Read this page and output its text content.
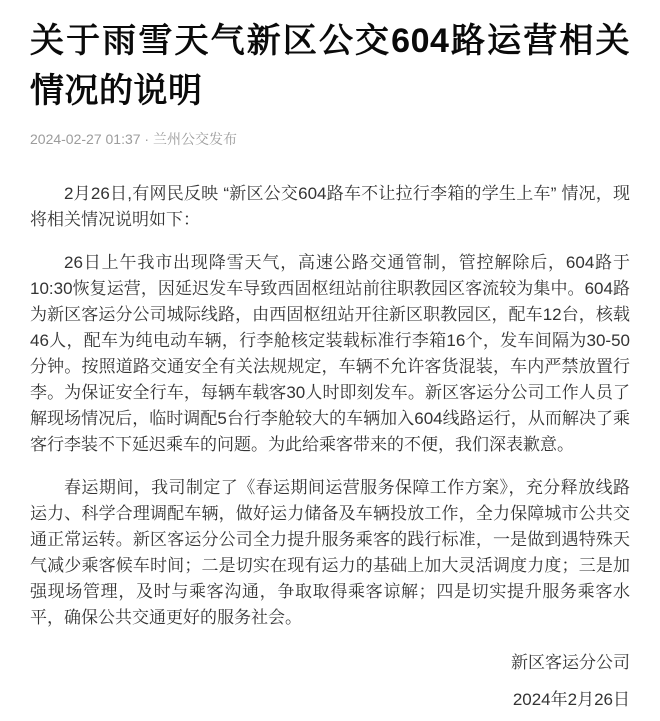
关于雨雪天气新区公交604路运营相关情况的说明
2024-02-27 01:37 · 兰州公交发布

2月26日,有网民反映 “新区公交604路车不让拉行李箱的学生上车” 情况，现将相关情况说明如下：

26日上午我市出现降雪天气，高速公路交通管制，管控解除后，604路于10:30恢复运营，因延迟发车导致西固枢纽站前往职教园区客流较为集中。604路为新区客运分公司城际线路，由西固枢纽站开往新区职教园区，配车12台，核载46人，配车为纯电动车辆，行李舱核定装载标准行李箱16个，发车间隔为30-50分钟。按照道路交通安全有关法规规定，车辆不允许客货混装，车内严禁放置行李。为保证安全行车，每辆车载客30人时即刻发车。新区客运分公司工作人员了解现场情况后，临时调配5台行李舱较大的车辆加入604线路运行，从而解决了乘客行李装不下延迟乘车的问题。为此给乘客带来的不便，我们深表歉意。

春运期间，我司制定了《春运期间运营服务保障工作方案》，充分释放线路运力、科学合理调配车辆，做好运力储备及车辆投放工作，全力保障城市公共交通正常运转。新区客运分公司全力提升服务乘客的践行标准，一是做到遇特殊天气减少乘客候车时间；二是切实在现有运力的基础上加大灵活调度力度；三是加强现场管理，及时与乘客沟通，争取取得乘客谅解；四是切实提升服务乘客水平，确保公共交通更好的服务社会。

新区客运分公司
2024年2月26日
